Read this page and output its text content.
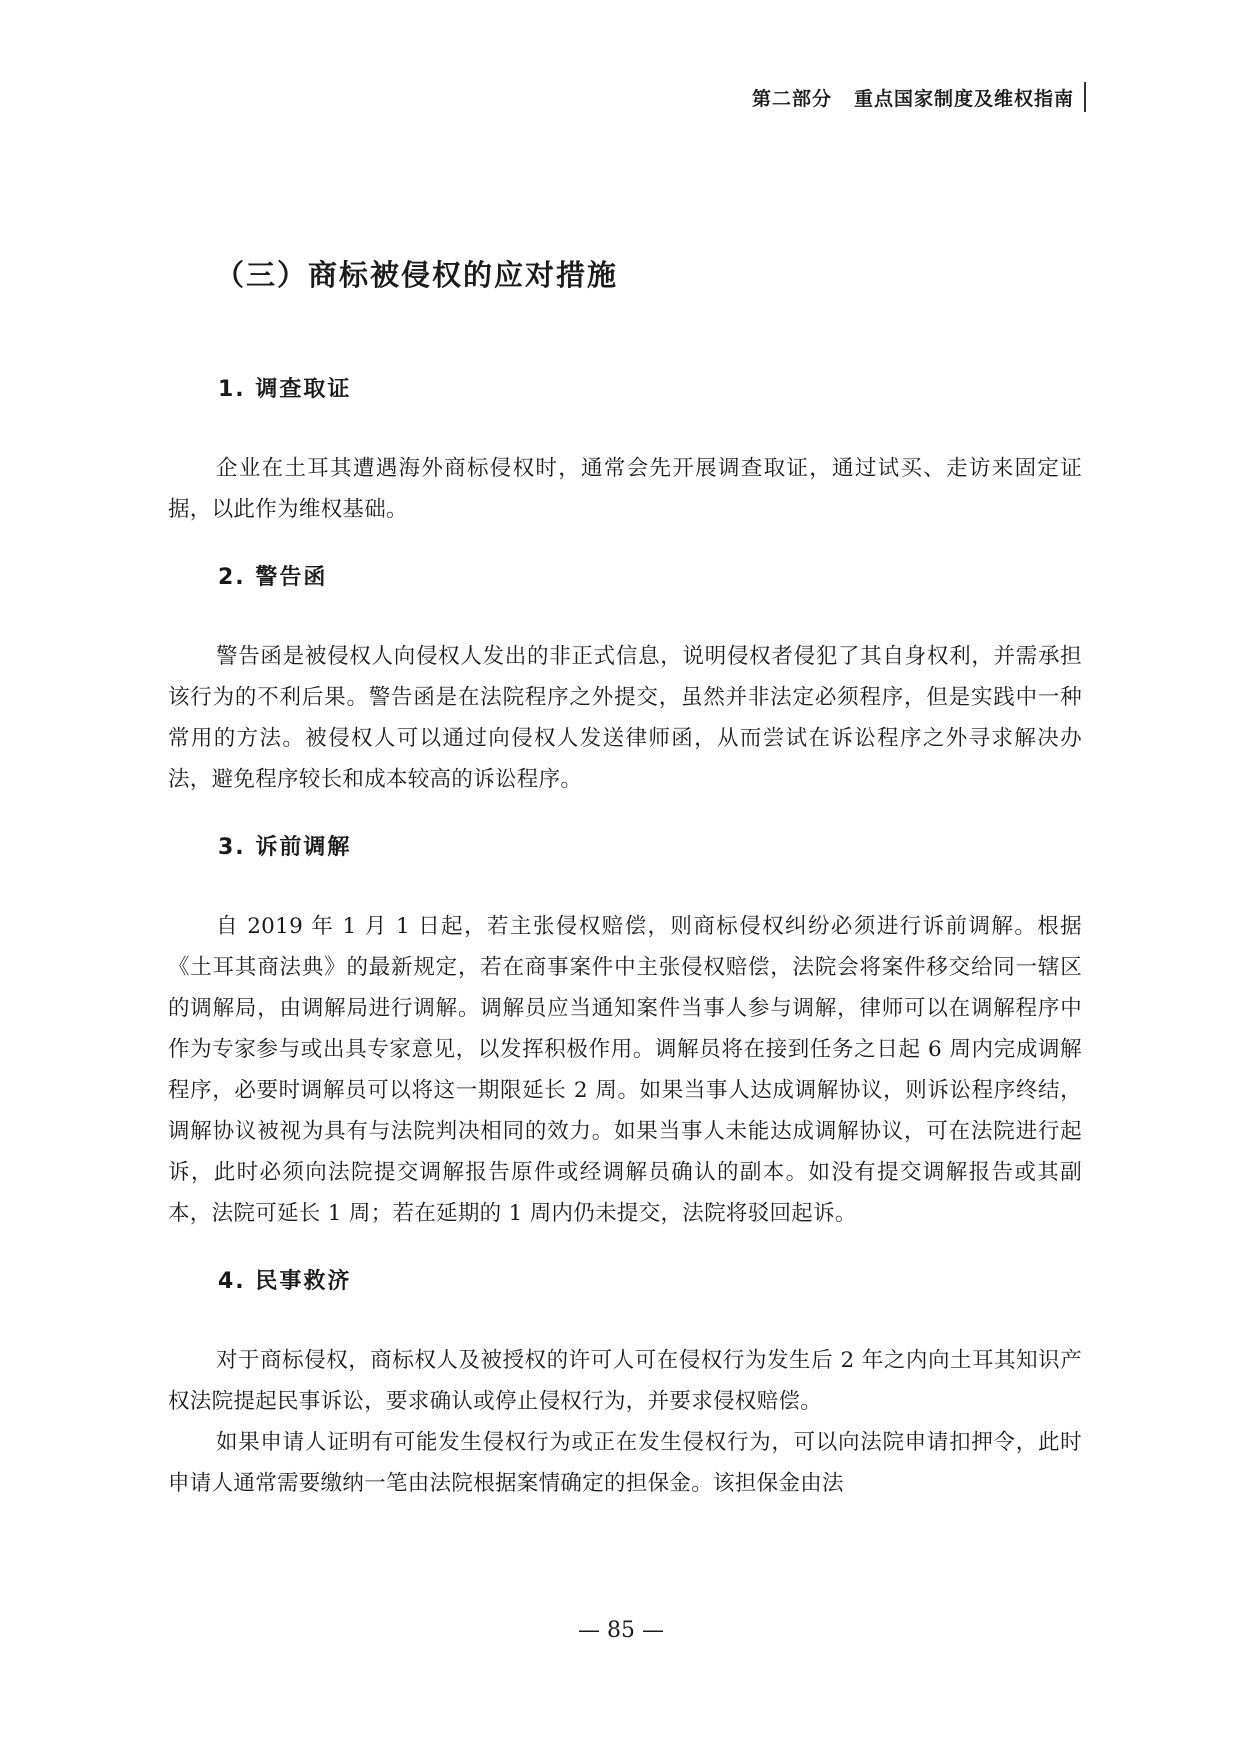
第二部分 重点国家制度及维权指南
（三）商标被侵权的应对措施
1. 调查取证

企业在土耳其遭遇海外商标侵权时，通常会先开展调查取证，通过试买、走访来固定证据，以此作为维权基础。

2. 警告函

警告函是被侵权人向侵权人发出的非正式信息，说明侵权者侵犯了其自身权利，并需承担该行为的不利后果。警告函是在法院程序之外提交，虽然并非法定必须程序，但是实践中一种常用的方法。被侵权人可以通过向侵权人发送律师函，从而尝试在诉讼程序之外寻求解决办法，避免程序较长和成本较高的诉讼程序。

3. 诉前调解

自 2019 年 1 月 1 日起，若主张侵权赔偿，则商标侵权纠纷必须进行诉前调解。根据《土耳其商法典》的最新规定，若在商事案件中主张侵权赔偿，法院会将案件移交给同一辖区的调解局，由调解局进行调解。调解员应当通知案件当事人参与调解，律师可以在调解程序中作为专家参与或出具专家意见，以发挥积极作用。调解员将在接到任务之日起 6 周内完成调解程序，必要时调解员可以将这一期限延长 2 周。如果当事人达成调解协议，则诉讼程序终结，调解协议被视为具有与法院判决相同的效力。如果当事人未能达成调解协议，可在法院进行起诉，此时必须向法院提交调解报告原件或经调解员确认的副本。如没有提交调解报告或其副本，法院可延长 1 周；若在延期的 1 周内仍未提交，法院将驳回起诉。

4. 民事救济

对于商标侵权，商标权人及被授权的许可人可在侵权行为发生后 2 年之内向土耳其知识产权法院提起民事诉讼，要求确认或停止侵权行为，并要求侵权赔偿。

如果申请人证明有可能发生侵权行为或正在发生侵权行为，可以向法院申请扣押令，此时申请人通常需要缴纳一笔由法院根据案情确定的担保金。该担保金由法

— 85 —
